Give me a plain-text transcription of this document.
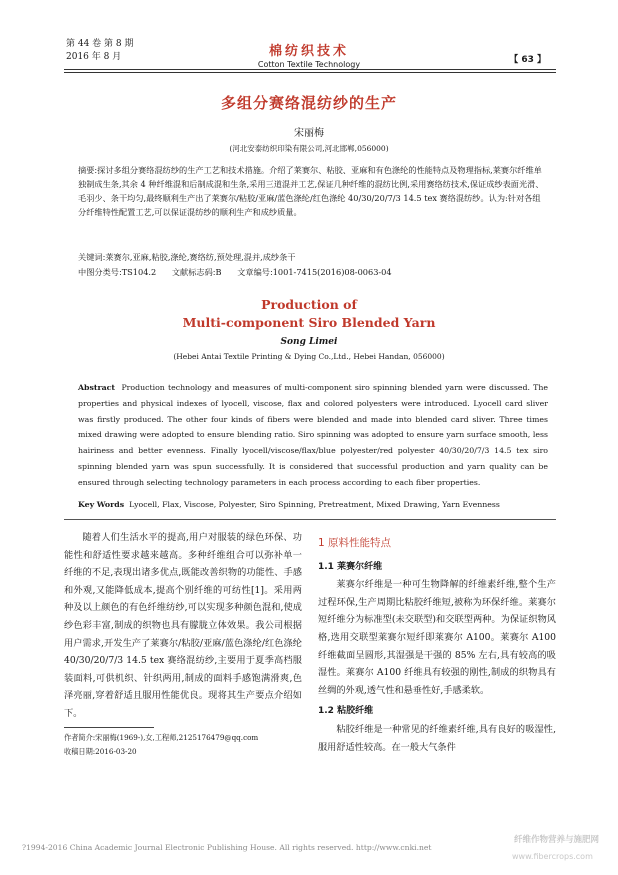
第 44 卷 第 8 期
2016 年 8 月	棉纺织技术
Cotton Textile Technology	【 63 】
多组分赛络混纺纱的生产
宋丽梅
(河北安泰纺织印染有限公司,河北邯郸,056000)

摘要:探讨多组分赛络混纺纱的生产工艺和技术措施。介绍了莱赛尔、粘胶、亚麻和有色涤纶的性能特点及物理指标,莱赛尔纤维单独制成生条,其余 4 种纤维混和后制成混和生条,采用三道混并工艺,保证几种纤维的混纺比例,采用赛络纺技术,保证成纱表面光滑、毛羽少、条干均匀,最终顺利生产出了莱赛尔/粘胶/亚麻/蓝色涤纶/红色涤纶 40/30/20/7/3 14.5 tex 赛络混纺纱。认为:针对各组分纤维特性配置工艺,可以保证混纺纱的顺利生产和成纱质量。

关键词:莱赛尔,亚麻,粘胶,涤纶,赛络纺,预处理,混并,成纱条干

中图分类号:TS104.2 文献标志码:B 文章编号:1001-7415(2016)08-0063-04

Production of
Multi-component Siro Blended Yarn
Song Limei
(Hebei Antai Textile Printing & Dying Co.,Ltd., Hebei Handan, 056000)
Abstract Production technology and measures of multi-component siro spinning blended yarn were discussed. The properties and physical indexes of lyocell, viscose, flax and colored polyesters were introduced. Lyocell card sliver was firstly produced. The other four kinds of fibers were blended and made into blended card sliver. Three times mixed drawing were adopted to ensure blending ratio. Siro spinning was adopted to ensure yarn surface smooth, less hairiness and better evenness. Finally lyocell/viscose/flax/blue polyester/red polyester 40/30/20/7/3 14.5 tex siro spinning blended yarn was spun successfully. It is considered that successful production and yarn quality can be ensured through selecting technology parameters in each process according to each fiber properties.
Key Words Lyocell, Flax, Viscose, Polyester, Siro Spinning, Pretreatment, Mixed Drawing, Yarn Evenness

随着人们生活水平的提高,用户对服装的绿色环保、功能性和舒适性要求越来越高。多种纤维组合可以弥补单一纤维的不足,表现出诸多优点,既能改善织物的功能性、手感和外观,又能降低成本,提高个别纤维的可纺性[1]。采用两种及以上颜色的有色纤维纺纱,可以实现多种颜色混和,使成纱色彩丰富,制成的织物也具有朦胧立体效果。我公司根据用户需求,开发生产了莱赛尔/粘胶/亚麻/蓝色涤纶/红色涤纶 40/30/20/7/3 14.5 tex 赛络混纺纱,主要用于夏季高档服装面料,可供机织、针织两用,制成的面料手感饱满滑爽,色泽亮丽,穿着舒适且服用性能优良。现将其生产要点介绍如下。

1 原料性能特点
1.1 莱赛尔纤维

莱赛尔纤维是一种可生物降解的纤维素纤维,整个生产过程环保,生产周期比粘胶纤维短,被称为环保纤维。莱赛尔短纤维分为标准型(未交联型)和交联型两种。为保证织物风格,选用交联型莱赛尔短纤即莱赛尔 A100。莱赛尔 A100 纤维截面呈圆形,其湿强是干强的 85% 左右,具有较高的吸湿性。莱赛尔 A100 纤维具有较强的刚性,制成的织物具有丝绸的外观,透气性和悬垂性好,手感柔软。

1.2 粘胶纤维

粘胶纤维是一种常见的纤维素纤维,具有良好的吸湿性,服用舒适性较高。在一般大气条件

作者简介:宋丽梅(1969-),女,工程师,2125176479@qq.com
收稿日期:2016-03-20
?1994-2016 China Academic Journal Electronic Publishing House. All rights reserved. http://www.cnki.net
纤维作物营养与施肥网
www.fibercrops.com
